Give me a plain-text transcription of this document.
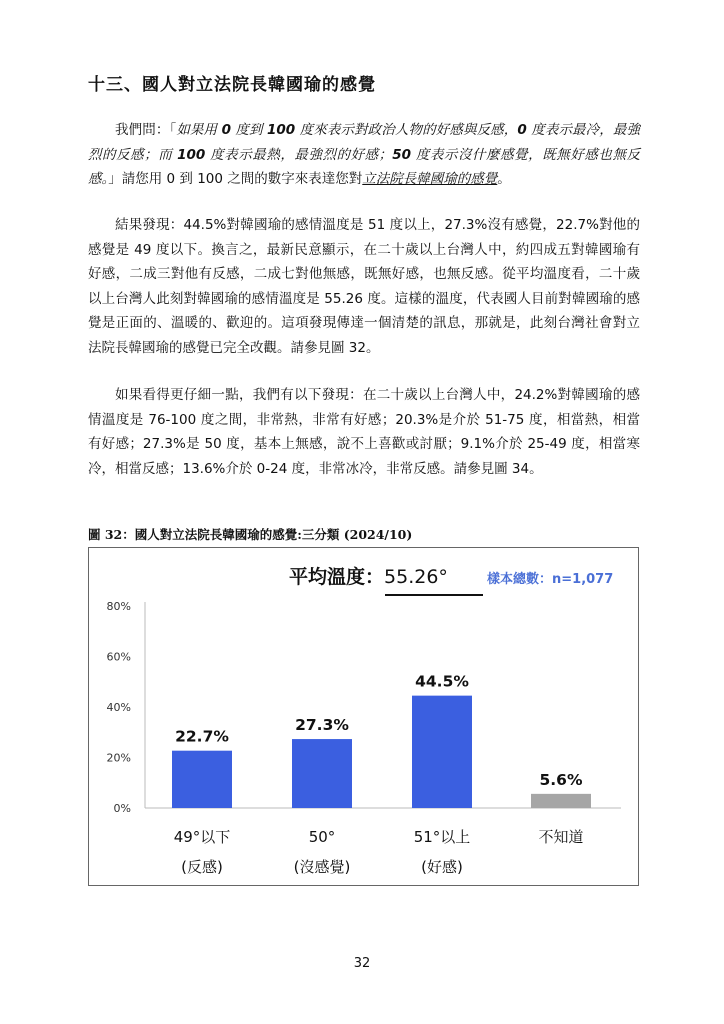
十三、國人對立法院長韓國瑜的感覺
我們問：「如果用 0 度到 100 度來表示對政治人物的好感與反感，0 度表示最冷，最強烈的反感；而 100 度表示最熱，最強烈的好感；50 度表示沒什麼感覺，既無好感也無反感。」請您用 0 到 100 之間的數字來表達您對立法院長韓國瑜的感覺。
結果發現：44.5%對韓國瑜的感情溫度是 51 度以上，27.3%沒有感覺，22.7%對他的感覺是 49 度以下。換言之，最新民意顯示，在二十歲以上台灣人中，約四成五對韓國瑜有好感，二成三對他有反感，二成七對他無感，既無好感，也無反感。從平均溫度看，二十歲以上台灣人此刻對韓國瑜的感情溫度是 55.26 度。這樣的溫度，代表國人目前對韓國瑜的感覺是正面的、溫暖的、歡迎的。這項發現傳達一個清楚的訊息，那就是，此刻台灣社會對立法院長韓國瑜的感覺已完全改觀。請參見圖 32。
如果看得更仔細一點，我們有以下發現：在二十歲以上台灣人中，24.2%對韓國瑜的感情溫度是 76-100 度之間，非常熱，非常有好感；20.3%是介於 51-75 度，相當熱，相當有好感；27.3%是 50 度，基本上無感，說不上喜歡或討厭；9.1%介於 25-49 度，相當寒冷，相當反感；13.6%介於 0-24 度，非常冰冷，非常反感。請參見圖 34。
圖 32：國人對立法院長韓國瑜的感覺:三分類 (2024/10)
平均溫度：55.26°	樣本總數：n=1,077
0%
20%
40%
60%
80%
22.7%
49°以下
(反感)
27.3%
50°
(沒感覺)
44.5%
51°以上
(好感)
5.6%
不知道
32
